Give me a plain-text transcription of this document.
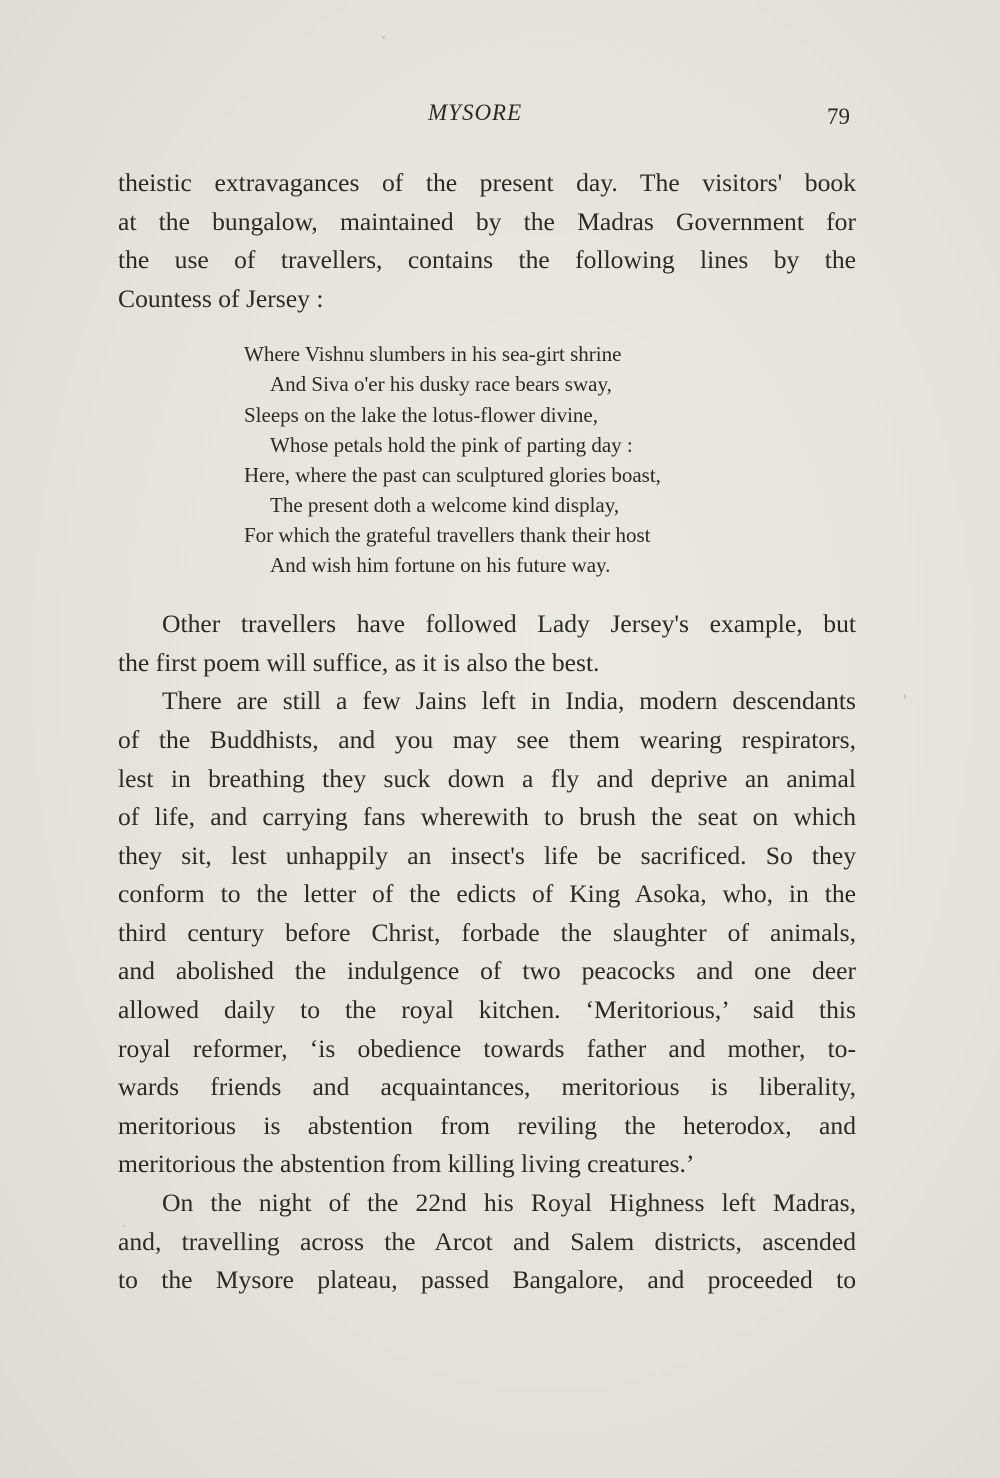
MYSORE	79

theistic extravagances of the present day. The visitors' book
at the bungalow, maintained by the Madras Government for
the use of travellers, contains the following lines by the
Countess of Jersey :

Where Vishnu slumbers in his sea-girt shrine
And Siva o'er his dusky race bears sway,
Sleeps on the lake the lotus-flower divine,
Whose petals hold the pink of parting day :
Here, where the past can sculptured glories boast,
The present doth a welcome kind display,
For which the grateful travellers thank their host
And wish him fortune on his future way.

Other travellers have followed Lady Jersey's example, but
the first poem will suffice, as it is also the best.

There are still a few Jains left in India, modern descendants
of the Buddhists, and you may see them wearing respirators,
lest in breathing they suck down a fly and deprive an animal
of life, and carrying fans wherewith to brush the seat on which
they sit, lest unhappily an insect's life be sacrificed. So they
conform to the letter of the edicts of King Asoka, who, in the
third century before Christ, forbade the slaughter of animals,
and abolished the indulgence of two peacocks and one deer
allowed daily to the royal kitchen. ‘Meritorious,’ said this
royal reformer, ‘is obedience towards father and mother, to-
wards friends and acquaintances, meritorious is liberality,
meritorious is abstention from reviling the heterodox, and
meritorious the abstention from killing living creatures.’

On the night of the 22nd his Royal Highness left Madras,
and, travelling across the Arcot and Salem districts, ascended
to the Mysore plateau, passed Bangalore, and proceeded to
